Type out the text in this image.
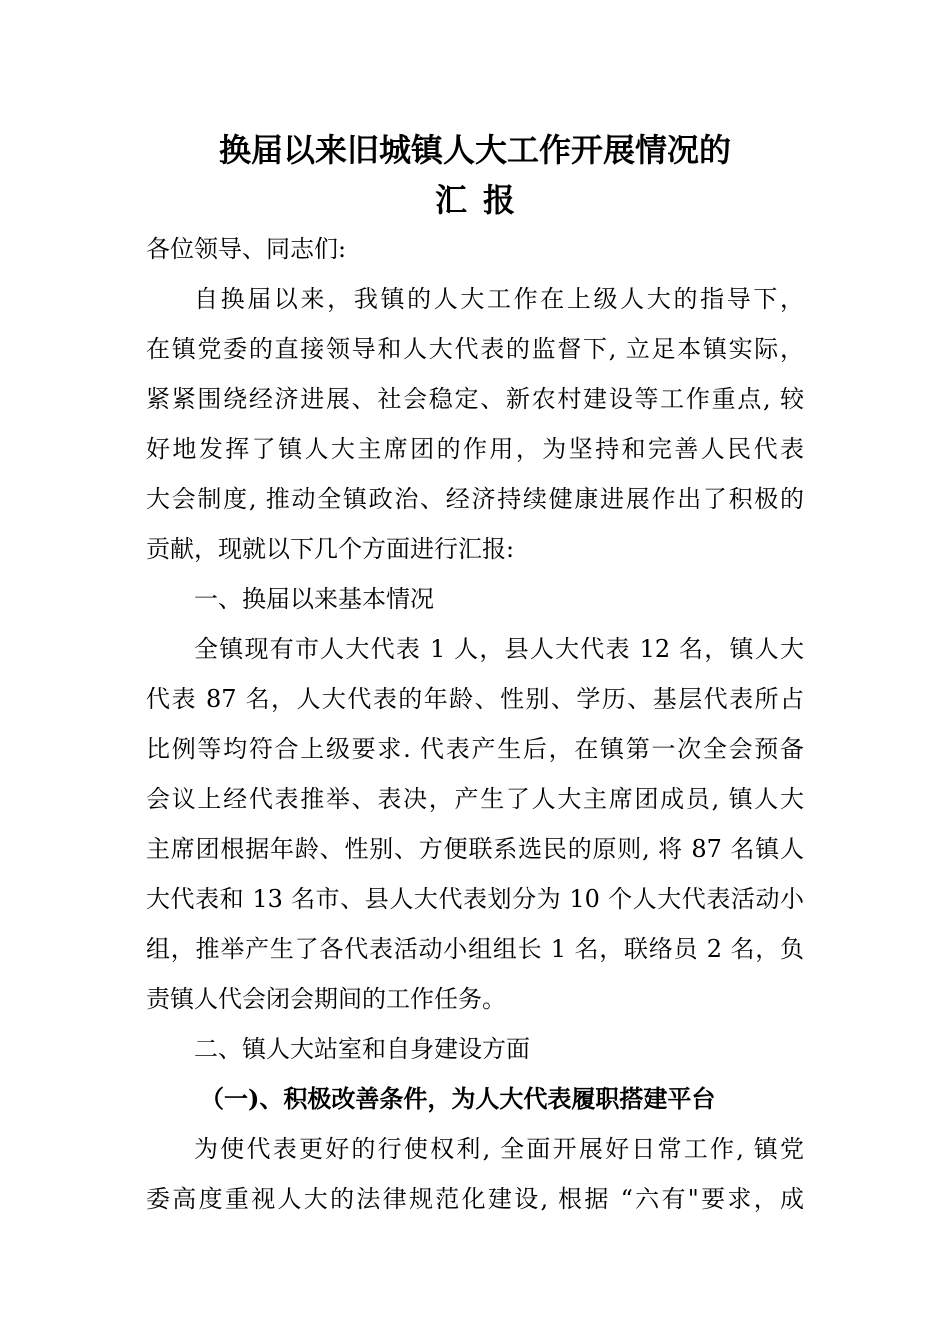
换届以来旧城镇人大工作开展情况的
汇报
各位领导、同志们:
自换届以来，我镇的人大工作在上级人大的指导下，
在镇党委的直接领导和人大代表的监督下, 立足本镇实际，
紧紧围绕经济进展、社会稳定、新农村建设等工作重点, 较
好地发挥了镇人大主席团的作用，为坚持和完善人民代表
大会制度, 推动全镇政治、经济持续健康进展作出了积极的
贡献，现就以下几个方面进行汇报:
一、换届以来基本情况
全镇现有市人大代表 1 人，县人大代表 12 名，镇人大
代表 87 名，人大代表的年龄、性别、学历、基层代表所占
比例等均符合上级要求. 代表产生后，在镇第一次全会预备
会议上经代表推举、表决，产生了人大主席团成员, 镇人大
主席团根据年龄、性别、方便联系选民的原则, 将 87 名镇人
大代表和 13 名市、县人大代表划分为 10 个人大代表活动小
组，推举产生了各代表活动小组组长 1 名，联络员 2 名，负
责镇人代会闭会期间的工作任务。
二、镇人大站室和自身建设方面
（一)、积极改善条件，为人大代表履职搭建平台
为使代表更好的行使权利, 全面开展好日常工作, 镇党
委高度重视人大的法律规范化建设, 根据 “六有"要求，成
